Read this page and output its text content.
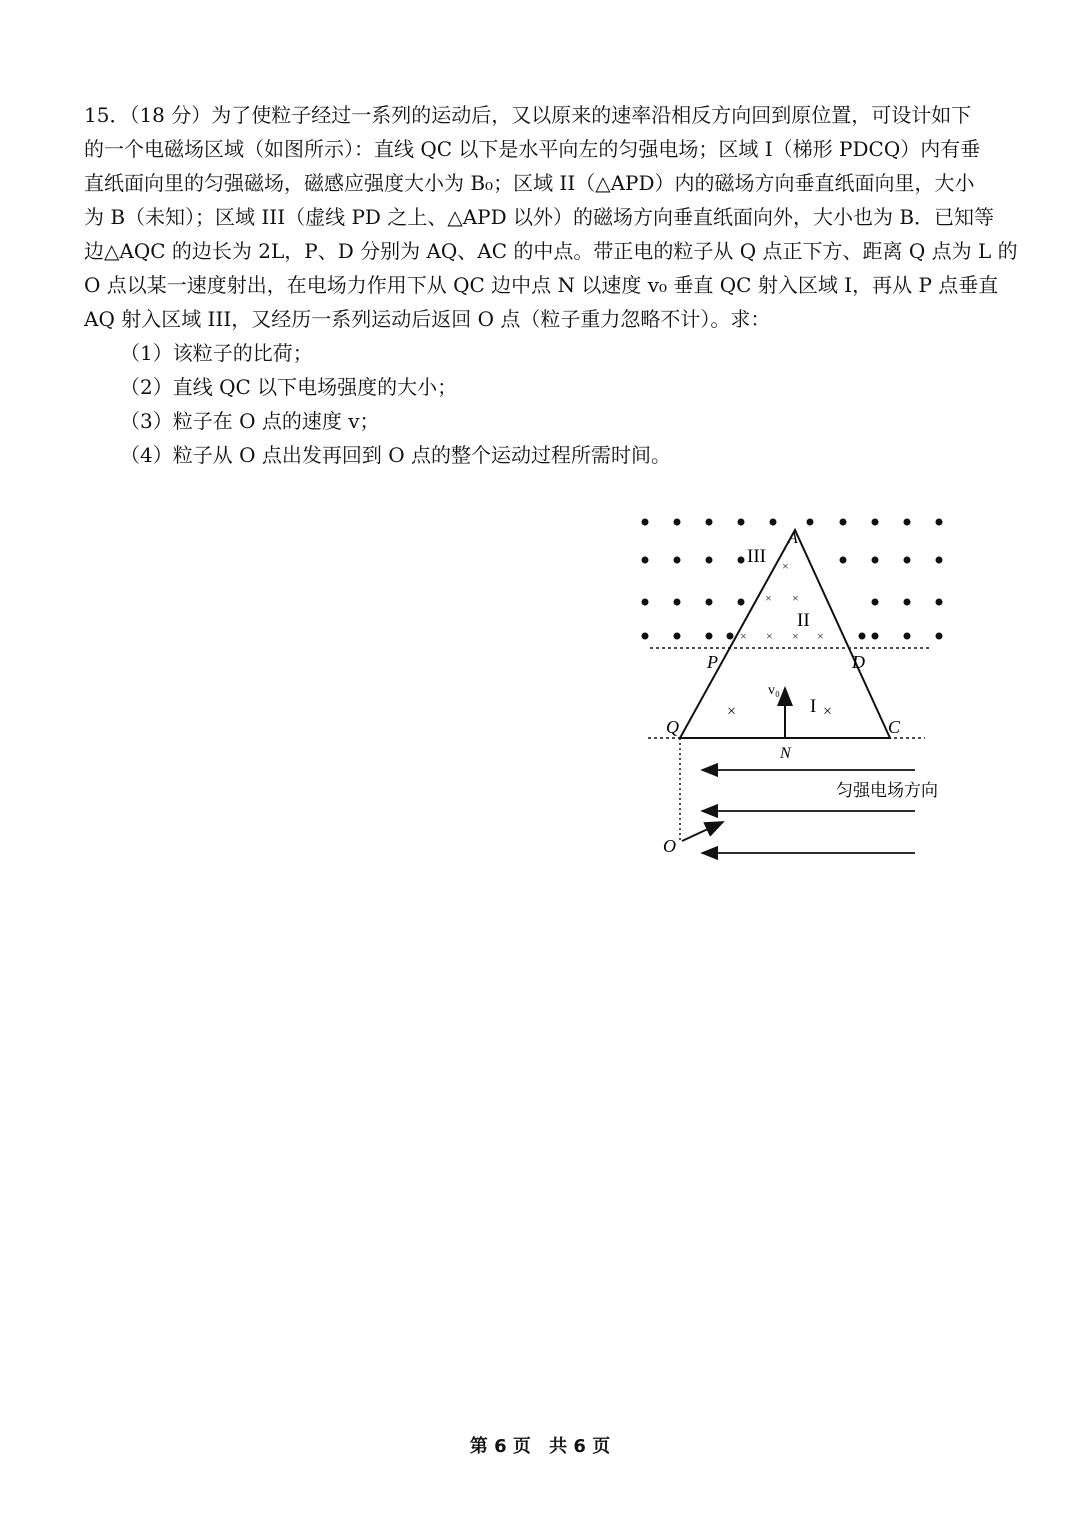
15．（18 分）为了使粒子经过一系列的运动后，又以原来的速率沿相反方向回到原位置，可设计如下
的一个电磁场区域（如图所示）：直线 QC 以下是水平向左的匀强电场；区域 I（梯形 PDCQ）内有垂
直纸面向里的匀强磁场，磁感应强度大小为 B₀；区域 II（△APD）内的磁场方向垂直纸面向里，大小
为 B（未知）；区域 III（虚线 PD 之上、△APD 以外）的磁场方向垂直纸面向外，大小也为 B．已知等
边△AQC 的边长为 2L，P、D 分别为 AQ、AC 的中点。带正电的粒子从 Q 点正下方、距离 Q 点为 L 的
O 点以某一速度射出，在电场力作用下从 QC 边中点 N 以速度 v₀ 垂直 QC 射入区域 I，再从 P 点垂直
AQ 射入区域 III，又经历一系列运动后返回 O 点（粒子重力忽略不计）。求：

（1）该粒子的比荷；
（2）直线 QC 以下电场强度的大小；
（3）粒子在 O 点的速度 v；
（4）粒子从 O 点出发再回到 O 点的整个运动过程所需时间。
×
× ×
× × × ×
×	×
A
III
II
P	D
v₀
I
Q	C
N
匀强电场方向
O
第 6 页 共 6 页
